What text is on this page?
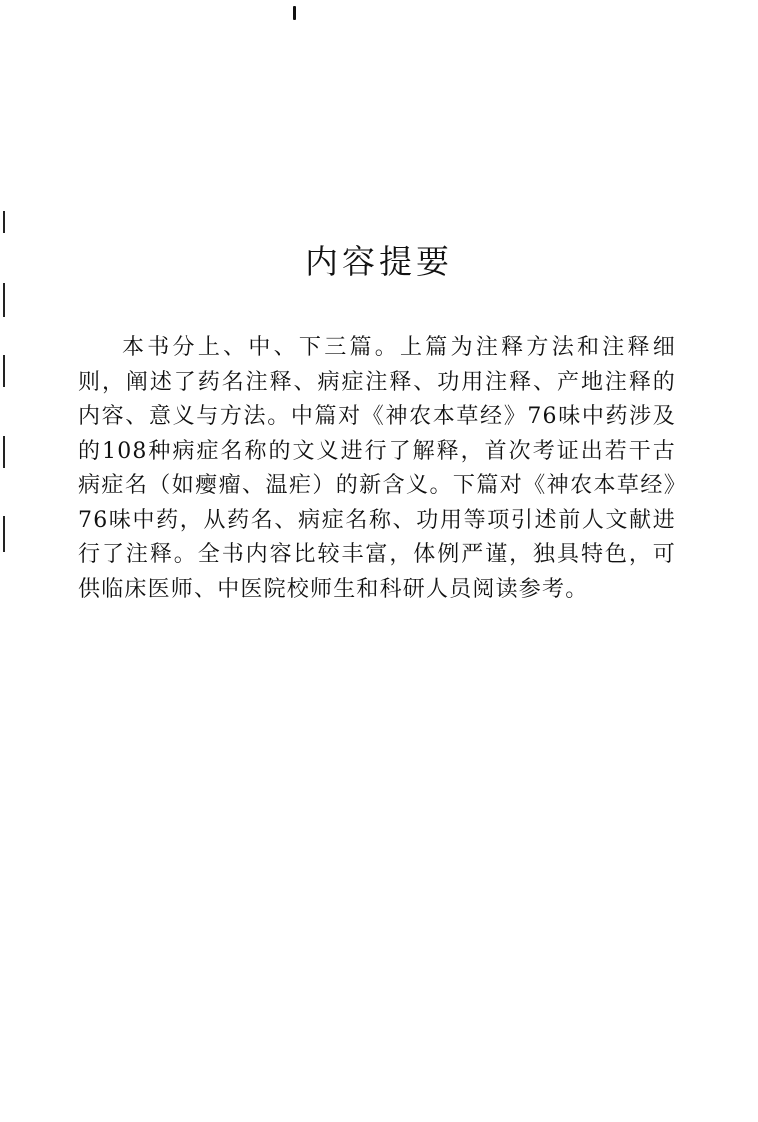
内容提要

本书分上、中、下三篇。上篇为注释方法和注释细则，阐述了药名注释、病症注释、功用注释、产地注释的内容、意义与方法。中篇对《神农本草经》76味中药涉及的108种病症名称的文义进行了解释，首次考证出若干古病症名（如瘿瘤、温疟）的新含义。下篇对《神农本草经》76味中药，从药名、病症名称、功用等项引述前人文献进行了注释。全书内容比较丰富，体例严谨，独具特色，可供临床医师、中医院校师生和科研人员阅读参考。
